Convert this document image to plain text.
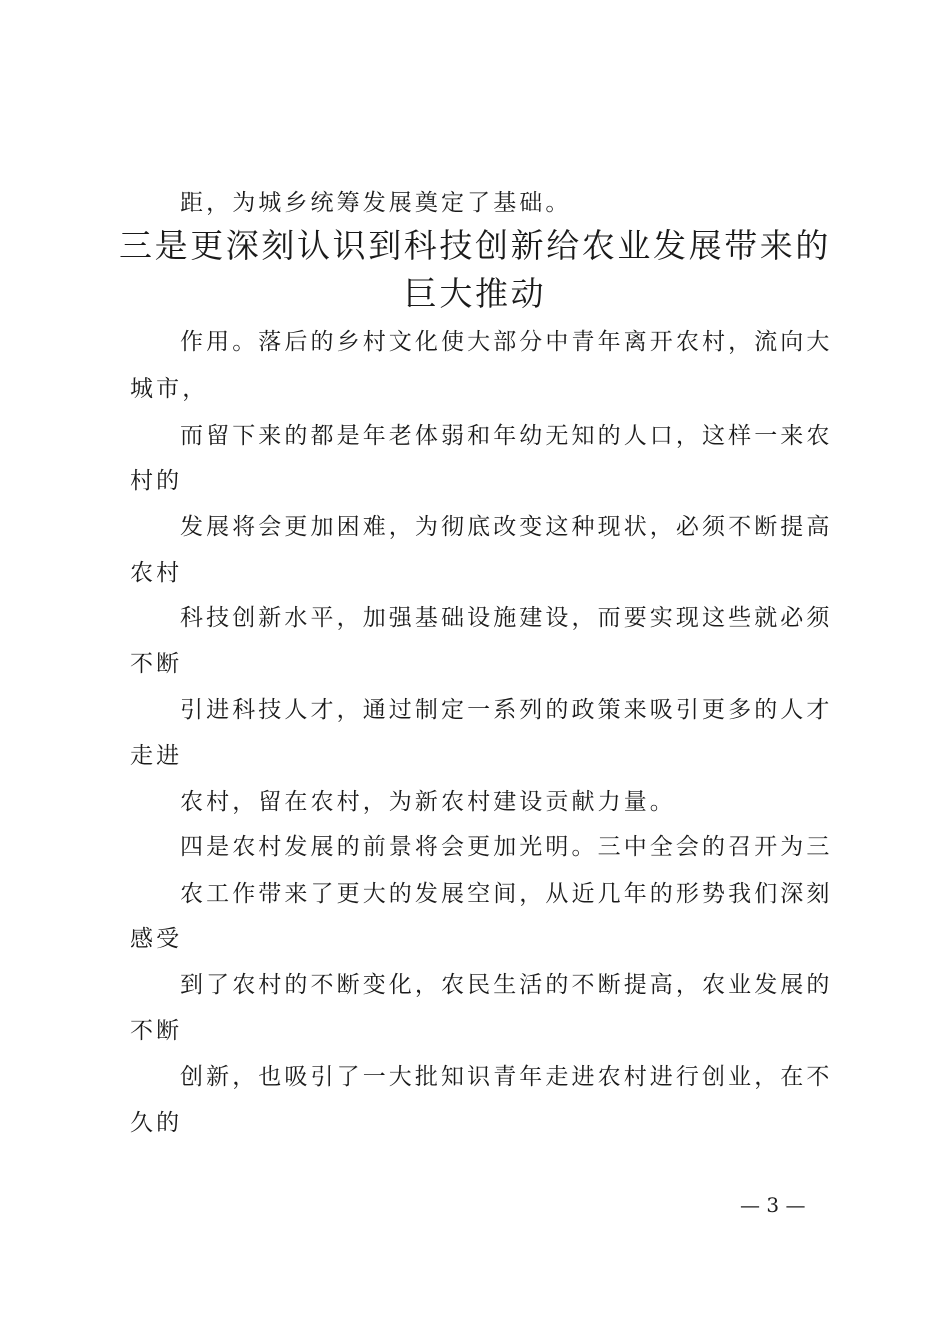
距，为城乡统筹发展奠定了基础。
三是更深刻认识到科技创新给农业发展带来的
巨大推动
作用。落后的乡村文化使大部分中青年离开农村，流向大
城市，
而留下来的都是年老体弱和年幼无知的人口，这样一来农
村的
发展将会更加困难，为彻底改变这种现状，必须不断提高
农村
科技创新水平，加强基础设施建设，而要实现这些就必须
不断
引进科技人才，通过制定一系列的政策来吸引更多的人才
走进
农村，留在农村，为新农村建设贡献力量。
四是农村发展的前景将会更加光明。三中全会的召开为三
农工作带来了更大的发展空间，从近几年的形势我们深刻
感受
到了农村的不断变化，农民生活的不断提高，农业发展的
不断
创新，也吸引了一大批知识青年走进农村进行创业，在不
久的
— 3 —
